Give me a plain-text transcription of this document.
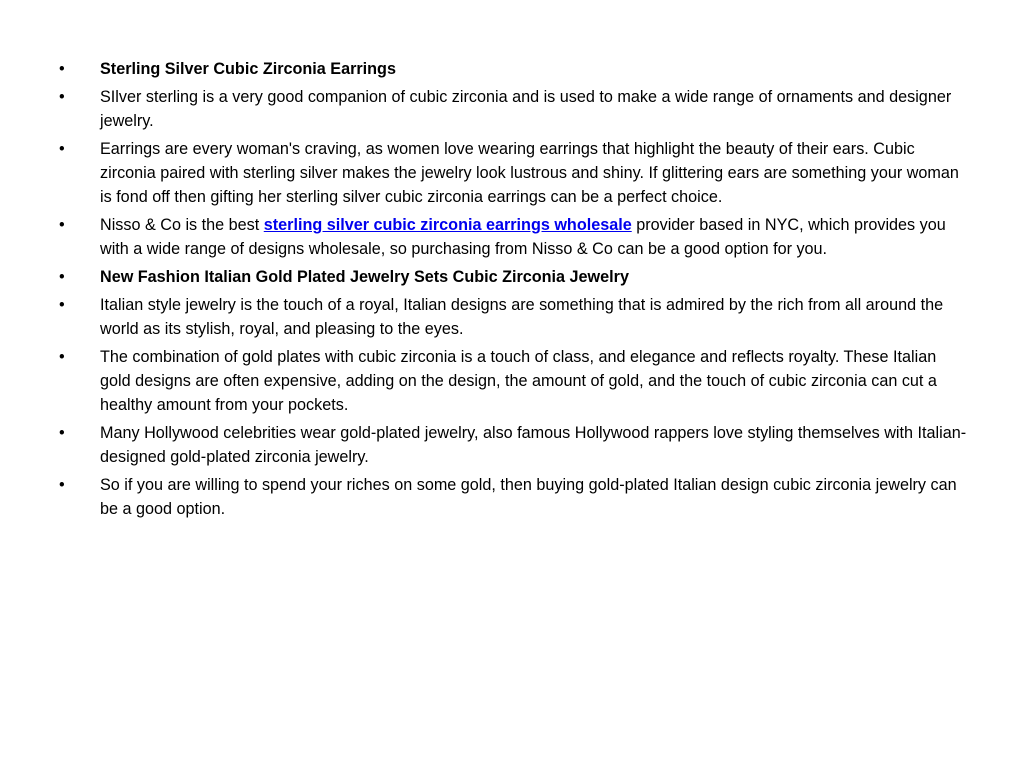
• Sterling Silver Cubic Zirconia Earrings
• SIlver sterling is a very good companion of cubic zirconia and is used to make a wide range of ornaments and designer jewelry.
• Earrings are every woman's craving, as women love wearing earrings that highlight the beauty of their ears. Cubic zirconia paired with sterling silver makes the jewelry look lustrous and shiny. If glittering ears are something your woman is fond off then gifting her sterling silver cubic zirconia earrings can be a perfect choice.
• Nisso & Co is the best sterling silver cubic zirconia earrings wholesale provider based in NYC, which provides you with a wide range of designs wholesale, so purchasing from Nisso & Co can be a good option for you.
• New Fashion Italian Gold Plated Jewelry Sets Cubic Zirconia Jewelry
• Italian style jewelry is the touch of a royal, Italian designs are something that is admired by the rich from all around the world as its stylish, royal, and pleasing to the eyes.
• The combination of gold plates with cubic zirconia is a touch of class, and elegance and reflects royalty. These Italian gold designs are often expensive, adding on the design, the amount of gold, and the touch of cubic zirconia can cut a healthy amount from your pockets.
• Many Hollywood celebrities wear gold-plated jewelry, also famous Hollywood rappers love styling themselves with Italian-designed gold-plated zirconia jewelry.
• So if you are willing to spend your riches on some gold, then buying gold-plated Italian design cubic zirconia jewelry can be a good option.
